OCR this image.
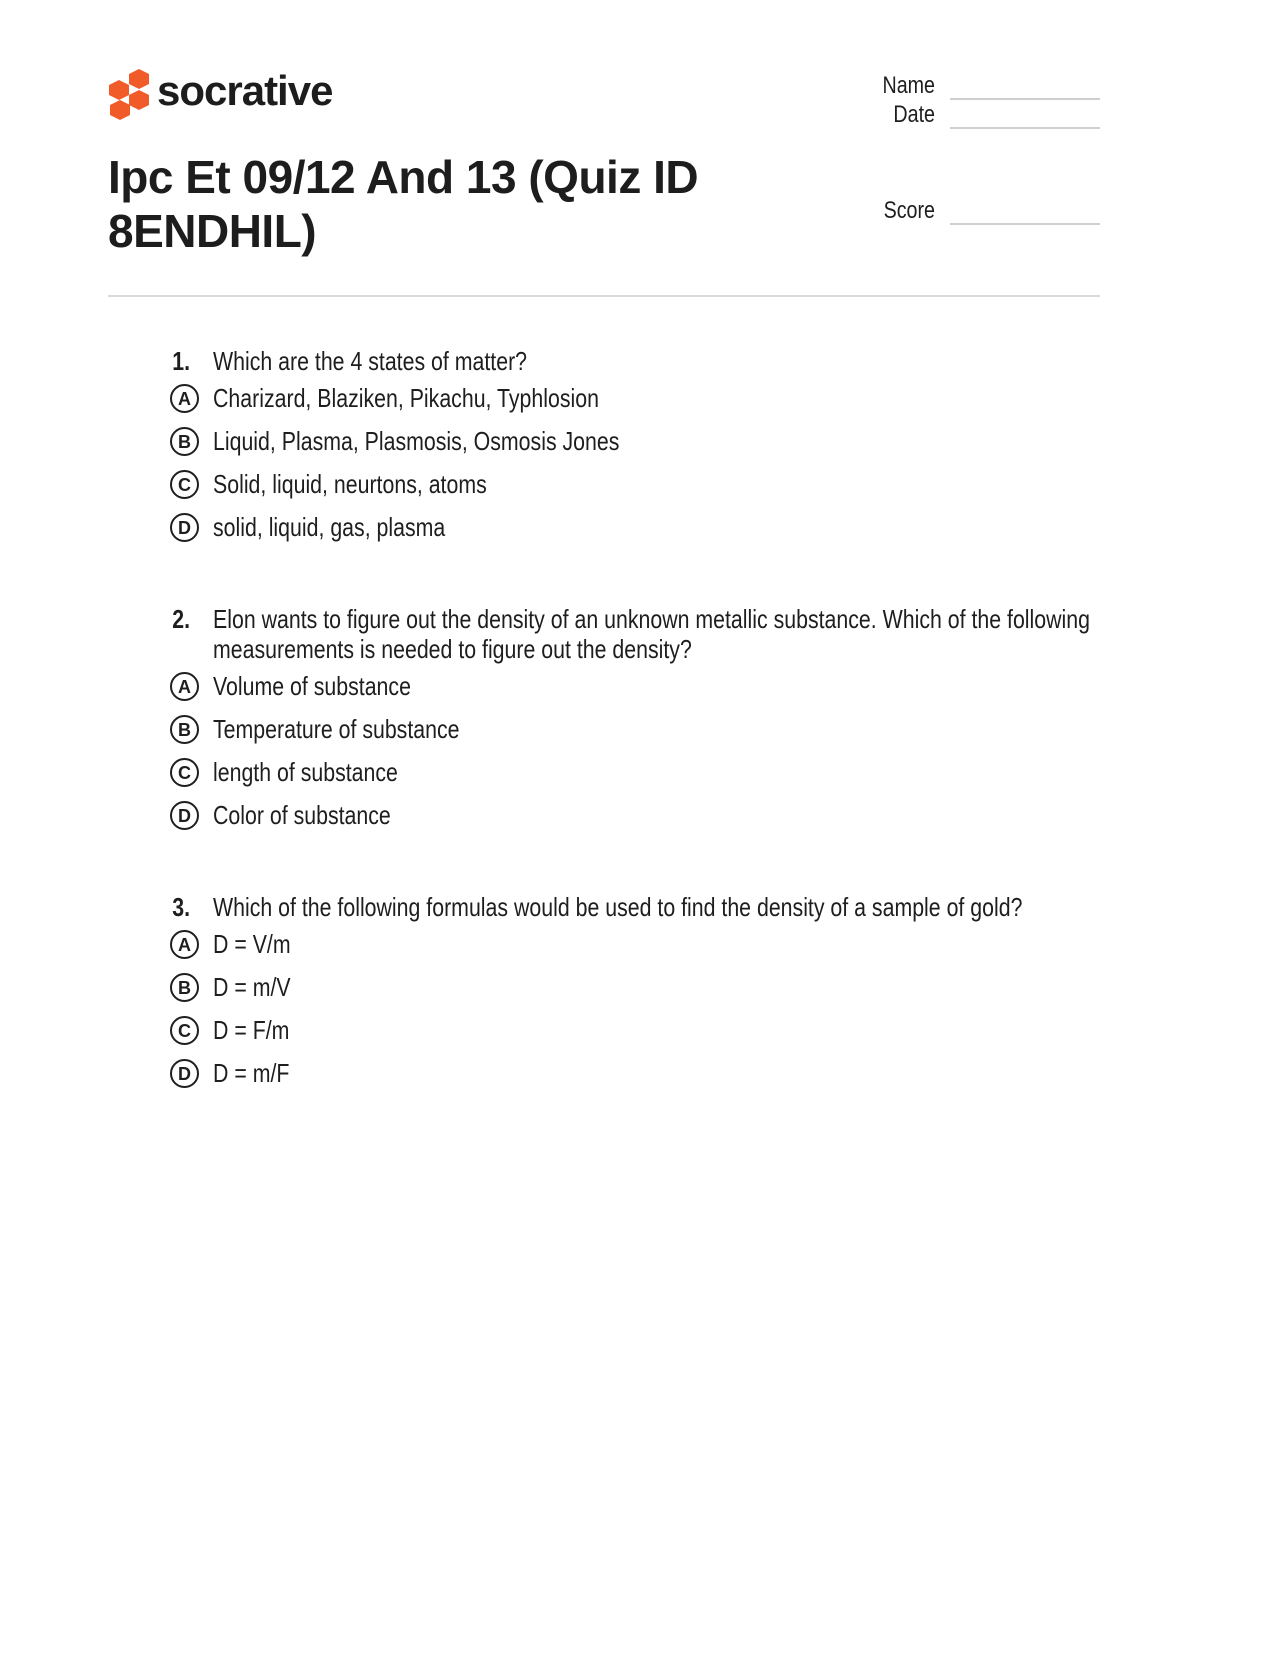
socrative	Name
Date
Score
Ipc Et 09/12 And 13 (Quiz ID 8ENDHIL)
1. Which are the 4 states of matter?
A Charizard, Blaziken, Pikachu, Typhlosion
B Liquid, Plasma, Plasmosis, Osmosis Jones
C Solid, liquid, neurtons, atoms
D solid, liquid, gas, plasma
2. Elon wants to figure out the density of an unknown metallic substance. Which of the following measurements is needed to figure out the density?
A Volume of substance
B Temperature of substance
C length of substance
D Color of substance
3. Which of the following formulas would be used to find the density of a sample of gold?
A D = V/m
B D = m/V
C D = F/m
D D = m/F
